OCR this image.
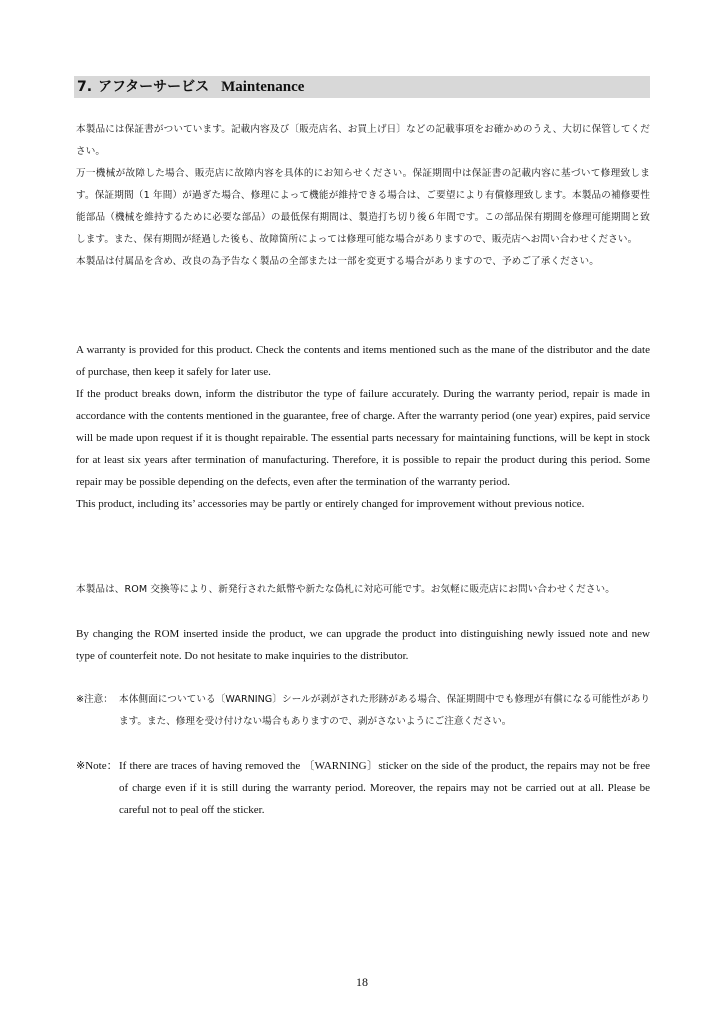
7. アフターサービス Maintenance

本製品には保証書がついています。記載内容及び〔販売店名、お買上げ日〕などの記載事項をお確かめのうえ、大切に保管してください。

万一機械が故障した場合、販売店に故障内容を具体的にお知らせください。保証期間中は保証書の記載内容に基づいて修理致します。保証期間（1 年間）が過ぎた場合、修理によって機能が維持できる場合は、ご要望により有償修理致します。本製品の補修要性能部品（機械を維持するために必要な部品）の最低保有期間は、製造打ち切り後６年間です。この部品保有期間を修理可能期間と致します。また、保有期間が経過した後も、故障箇所によっては修理可能な場合がありますので、販売店へお問い合わせください。

本製品は付属品を含め、改良の為予告なく製品の全部または一部を変更する場合がありますので、予めご了承ください。

A warranty is provided for this product. Check the contents and items mentioned such as the mane of the distributor and the date of purchase, then keep it safely for later use.

If the product breaks down, inform the distributor the type of failure accurately. During the warranty period, repair is made in accordance with the contents mentioned in the guarantee, free of charge. After the warranty period (one year) expires, paid service will be made upon request if it is thought repairable. The essential parts necessary for maintaining functions, will be kept in stock for at least six years after termination of manufacturing. Therefore, it is possible to repair the product during this period. Some repair may be possible depending on the defects, even after the termination of the warranty period.

This product, including its’ accessories may be partly or entirely changed for improvement without previous notice.

本製品は、ROM 交換等により、新発行された紙幣や新たな偽札に対応可能です。お気軽に販売店にお問い合わせください。

By changing the ROM inserted inside the product, we can upgrade the product into distinguishing newly issued note and new type of counterfeit note. Do not hesitate to make inquiries to the distributor.

※注意： 本体側面についている〔WARNING〕シールが剥がされた形跡がある場合、保証期間中でも修理が有償になる可能性があります。また、修理を受け付けない場合もありますので、剥がさないようにご注意ください。
※Note： If there are traces of having removed the 〔WARNING〕sticker on the side of the product, the repairs may not be free of charge even if it is still during the warranty period. Moreover, the repairs may not be carried out at all. Please be careful not to peal off the sticker.
18
